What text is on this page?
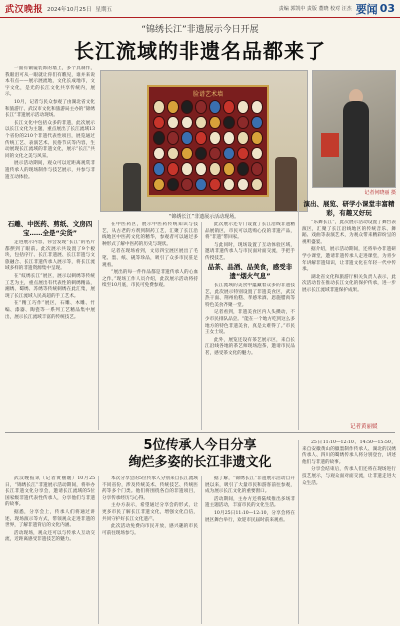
武汉晚报 2024年10月25日 星期五	责编 郭凯中 责版 董晓 校对 汪杰 要闻 03
“锦绣长江”非遗展示今日开展
长江流域的非遗名品都来了

一面有铜镜装饰的墙上，多个具制作，我眼泪可从一眼就让你们有瞧见，谁并来说本有点——展示展流地，文化长成地市，文字文化，是光的长江文化共享传统内，展示。

10月，记者与民众参观了由湖北省文化和旅游厅、武汉市文化和旅游局主办的“锦绣长江”非遗展示活动现场。

长江文化中包括众多的非遗，此次展示以长江文化为主题，重点展出了长江流域13个省份的210个非遗代表性项目，展览通过传统工艺、表演艺术、民俗节庆等内容，生动展现长江流域的非遗文化，展示“长江”共同的文化之美与风采。

展示活动期间，观众可以近距离观赏非遗传承人的现场制作与技艺展示，并参与非遗互动体验。

脸谱艺术墙
“锦绣长江”非遗展示活动现场。
记者何晓丽 摄
石雕、中医药、剪纸、文房四宝……全是“尖货”

走进展示内容，你会发现“长江”的名片都摆到了眼前。此次展示共设置了9个板块，包括序厅、长江非遗展、长江非遗与文旅融合、长江非遗传承人展示等，将长江流域多样的非遗资源集中呈现。

在“纹绣长江”展区，展示以刺绣等传统工艺为主，重点展出有代表性的刺绣精品，湘绣、蜀绣、苏绣等传统刺绣在此汇集，展现了长江流域人民高超的手工艺术。

在“精工巧作”展区，石雕、木雕、竹编、漆器、陶瓷等一系列工艺精品集中展出，展示长江流域丰富的传统技艺。

在中医药区，展示中医药传统知识与技艺，从古老的方剂到制药工艺，汇聚了长江沿线地区中医药文化的精华，参观者可以通过多种形式了解中医药的历史与现状。

记者在现场看到，文房四宝展区展出了毛笔、墨、纸、砚等珍品，吸引了众多市民驻足观看。

“展出的每一件作品都是非遗传承人的心血之作。”现场工作人员介绍，此次展示活动将持续至10月底，市民可免费参观。

此次展示还专门设置了长江沿线非遗精品展销区，市民可以选购心仪的非遗产品，将“非遗”带回家。

与此同时，现场设置了互动体验区域，邀请非遗传承人与市民面对面交流，手把手传授技艺。

品茶、品酒、品美食，感受非遗“烟火气息”

长江流域的美食中蕴藏着众多的非遗技艺，此次展示特别设置了非遗美食区，武汉热干面、荆州鱼糕、孝感米酒、恩施腊肉等特色美食齐聚一堂。

记者看到，非遗美食区内人头攒动，不少市民排队品尝。“能在一个地方吃到这么多地方的特色非遗美食，真是太难得了。”市民王女士说。

此外，展览还设有茶艺展示区，来自长江沿线各地的茶艺师现场泡茶，邀请市民品茗，感受茶文化的魅力。

演出、展览、研学小课堂丰富精彩，有趣又好玩

“乐舞长江”，此次展示活动设置了舞台表演区，汇聚了长江沿线地区的传统音乐、舞蹈、戏曲等表演艺术，为观众带来精彩纷呈的视听盛宴。

据介绍，展示活动期间，还将举办非遗研学小课堂，邀请非遗传承人走进课堂，为青少年讲解非遗知识，让非遗文化在年轻一代中传承。

湖北省文化和旅游厅相关负责人表示，此次活动旨在推动长江文化的保护传承，进一步展示长江流域非遗保护成果。

记者黄丽媛
5位传承人今日分享
绚烂多姿的长江非遗文化

武汉晚报讯（记者黄丽媛）10月25日，“锦绣长江”非遗展示活动期间，将举办长江非遗文化分享会，邀请长江流域的5位国家级非遗代表性传承人，分享他们与非遗的故事。

据悉，分享会上，传承人们将通过讲述、现场演示等方式，带领观众走进非遗的世界，了解非遗背后的文化内涵。

活动现场，观众还可以与传承人互动交流，近距离感受非遗技艺的魅力。

本次分享会的5位传承人分别来自长江流域不同省份，涉及传统美术、传统技艺、传统医药等多个门类。他们将围绕各自的非遗项目，分享传承经历与心得。

主办方表示，希望通过分享会的形式，让更多市民了解长江非遗文化，增强文化自信，共同守护好长江文化遗产。

此次活动免费向市民开放，感兴趣的市民可前往现场参与。

据了解，“锦绣长江”非遗展示活动自开展以来，吸引了大量市民和游客前往参观，成为展示长江文化的重要窗口。

活动期间，主办方还将陆续推出多场非遗主题活动，丰富市民的文化生活。

10月25日11:10—12:10，分享会将在展区舞台举行，欢迎市民届时前来观看。

25日11:10—12:10、14:50—15:50，来自安徽黄山的徽墨制作传承人、湖北的汉绣传承人、四川的蜀绣传承人将分别登台，讲述他们与非遗的故事。

分享会结束后，传承人们还将在现场进行技艺展示，与观众面对面交流，让非遗走进大众生活。
